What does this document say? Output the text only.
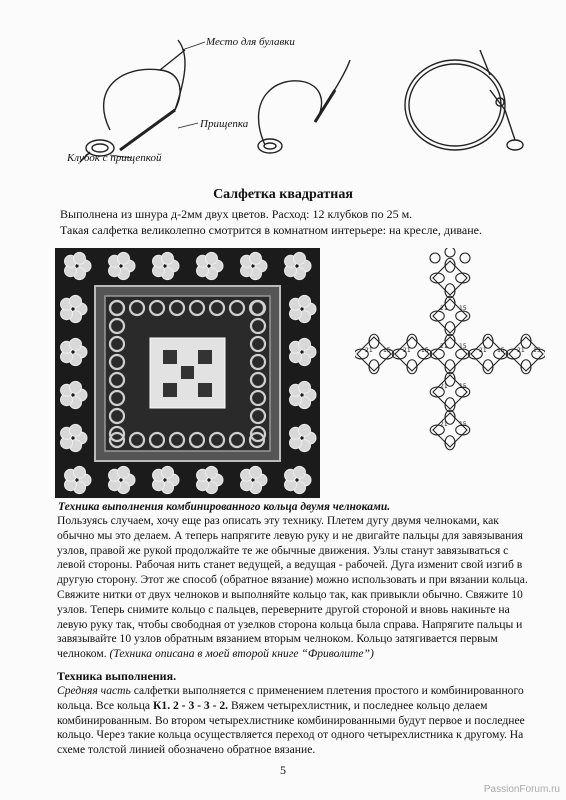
Место для булавки
Прищепка
Клубок с прищепкой
Салфетка квадратная
Выполнена из шнура д-2мм двух цветов. Расход: 12 клубков по 25 м.
Такая салфетка великолепно смотрится в комнатном интерьере: на кресле, диване.
21 15
21 15
21 15
21 15
21 15 21 15	21 15 21 15
Техника выполнения комбинированного кольца двумя челноками.
Пользуясь случаем, хочу еще раз описать эту технику. Плетем дугу двумя челноками, как обычно мы это делаем. А теперь напрягите левую руку и не двигайте пальцы для завязывания узлов, правой же рукой продолжайте те же обычные движения. Узлы станут завязываться с левой стороны. Рабочая нить станет ведущей, а ведущая - рабочей. Дуга изменит свой изгиб в другую сторону. Этот же способ (обратное вязание) можно использовать и при вязании кольца. Свяжите нитки от двух челноков и выполняйте кольцо так, как привыкли обычно. Свяжите 10 узлов. Теперь снимите кольцо с пальцев, переверните другой стороной и вновь накиньте на левую руку так, чтобы свободная от узелков сторона кольца была справа. Напрягите пальцы и завязывайте 10 узлов обратным вязанием вторым челноком. Кольцо затягивается первым челноком. (Техника описана в моей второй книге “Фриволите”)
Техника выполнения.
Средняя часть салфетки выполняется с применением плетения простого и комбинированного кольца. Все кольца К1. 2 - 3 - 3 - 2. Вяжем четырехлистник, и последнее кольцо делаем комбинированным. Во втором четырехлистнике комбинированными будут первое и последнее кольцо. Через такие кольца осуществляется переход от одного четырехлистника к другому. На схеме толстой линией обозначено обратное вязание.
5
PassionForum.ru
